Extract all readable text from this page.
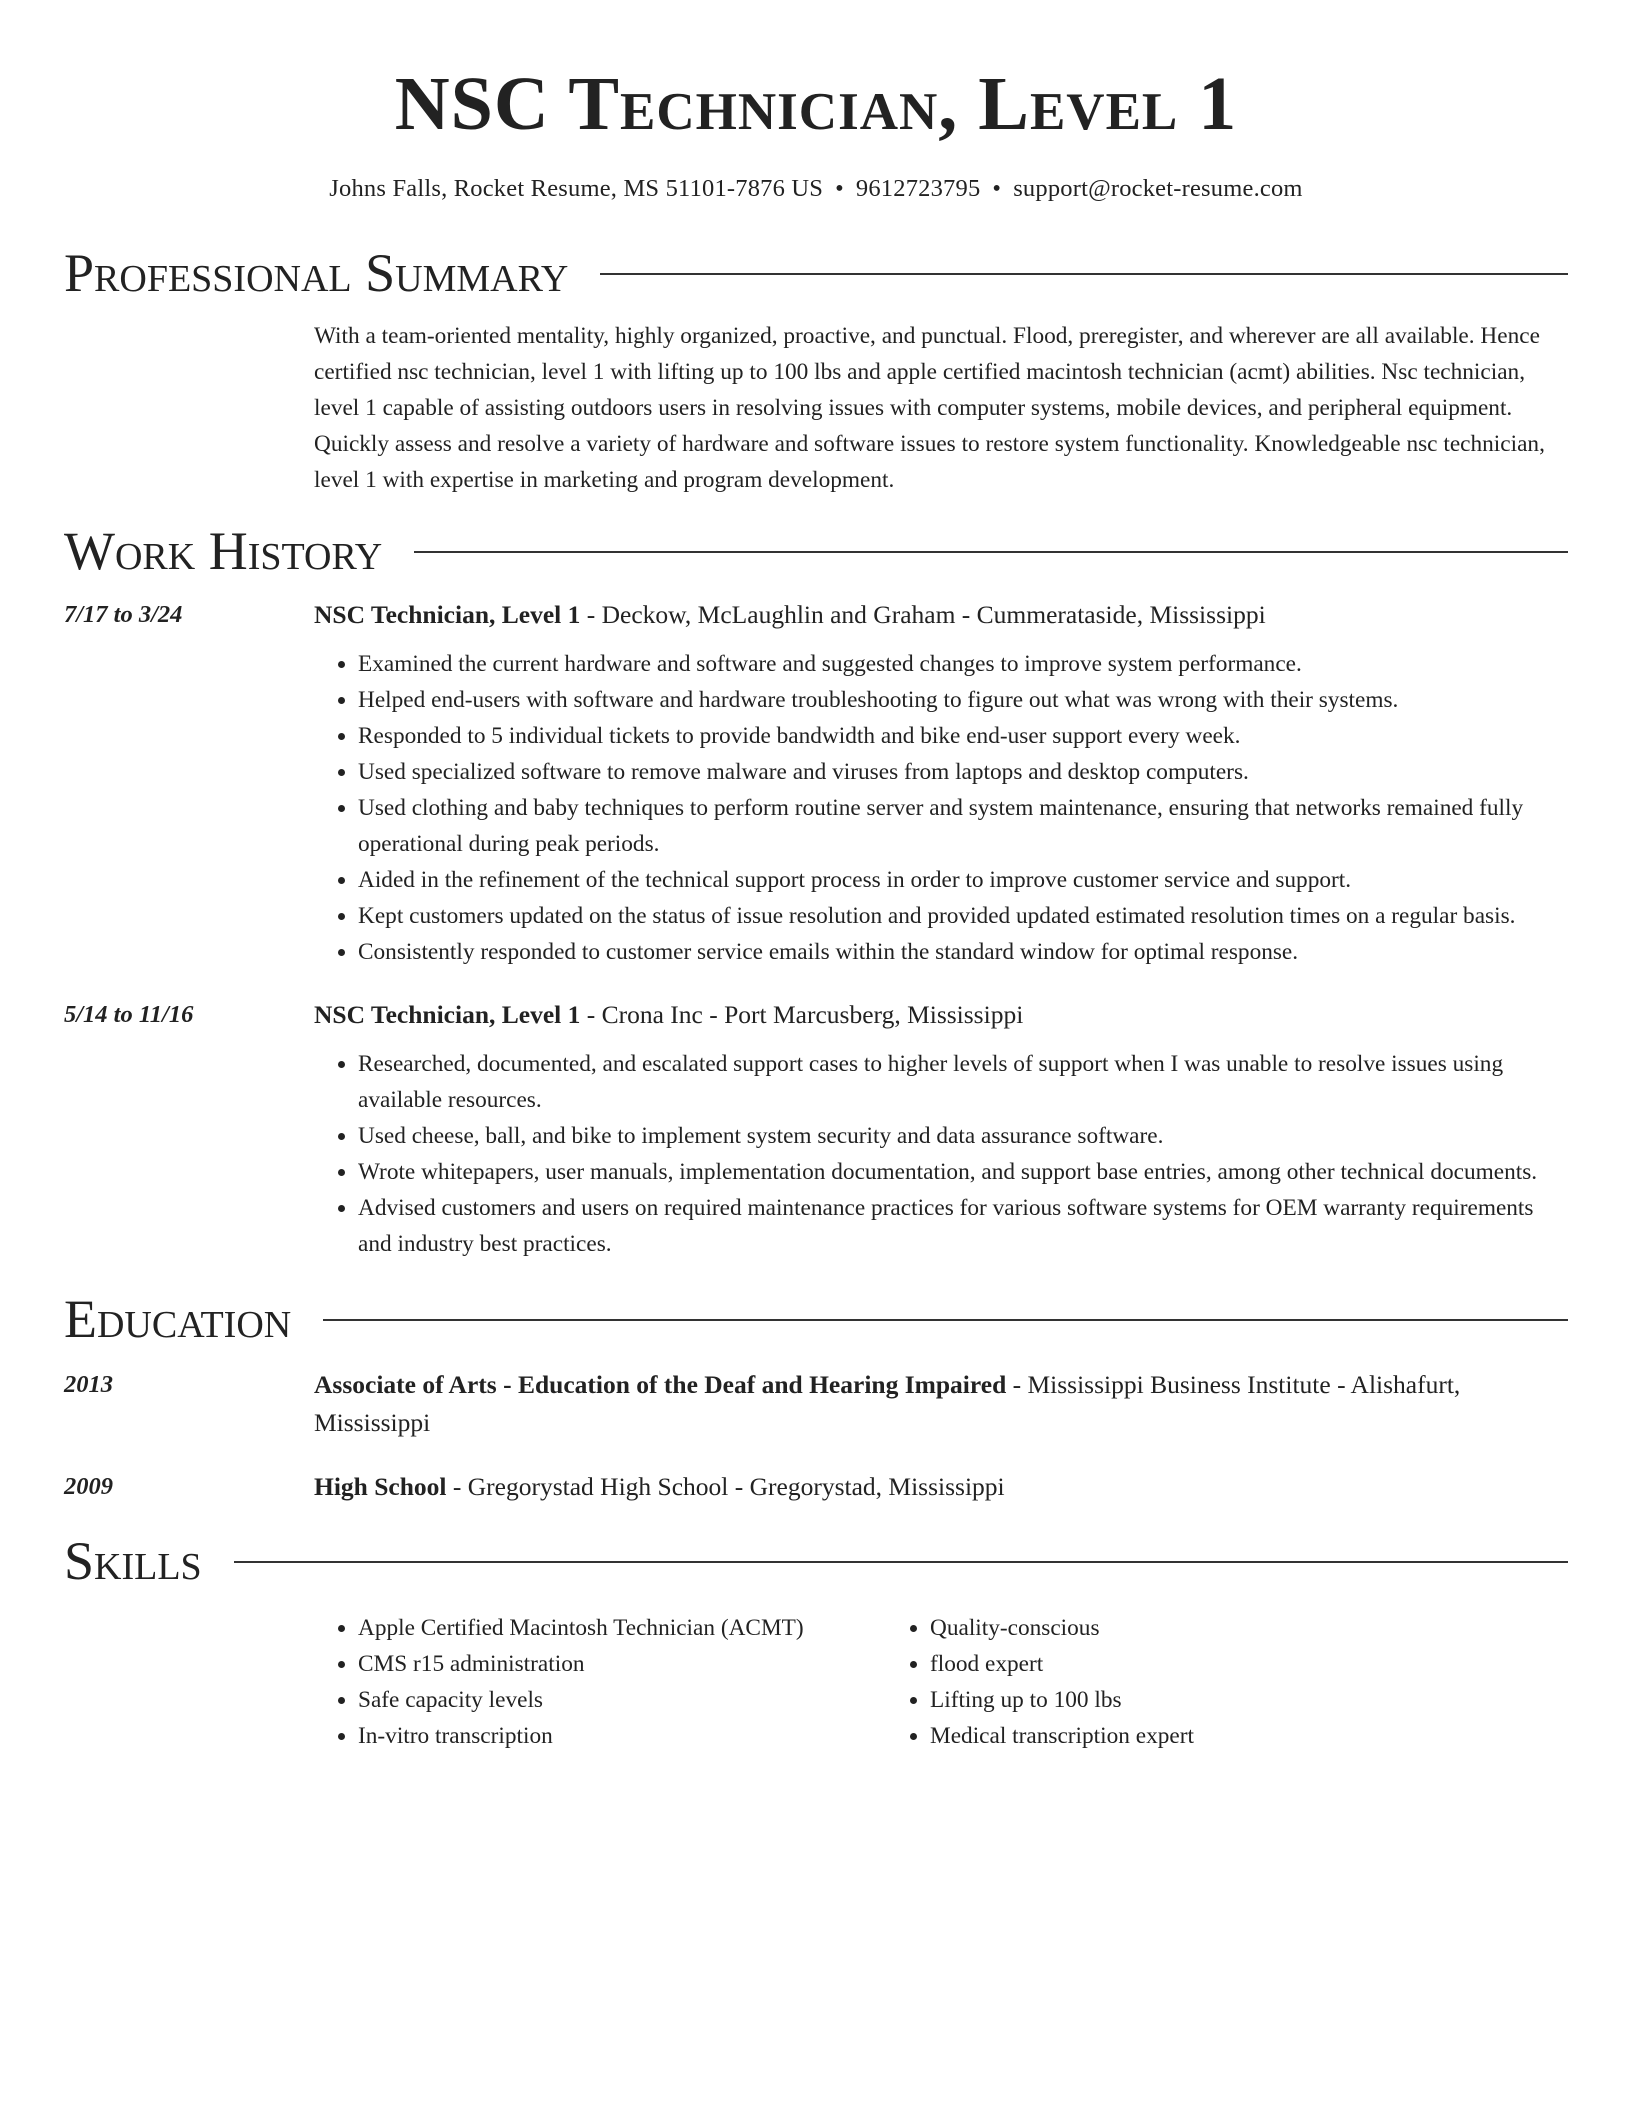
NSC Technician, Level 1
Johns Falls, Rocket Resume, MS 51101-7876 US • 9612723795 • support@rocket-resume.com
Professional Summary
With a team-oriented mentality, highly organized, proactive, and punctual. Flood, preregister, and wherever are all available. Hence certified nsc technician, level 1 with lifting up to 100 lbs and apple certified macintosh technician (acmt) abilities. Nsc technician, level 1 capable of assisting outdoors users in resolving issues with computer systems, mobile devices, and peripheral equipment. Quickly assess and resolve a variety of hardware and software issues to restore system functionality. Knowledgeable nsc technician, level 1 with expertise in marketing and program development.
Work History
7/17 to 3/24	NSC Technician, Level 1 - Deckow, McLaughlin and Graham - Cummerataside, Mississippi
• Examined the current hardware and software and suggested changes to improve system performance.
• Helped end-users with software and hardware troubleshooting to figure out what was wrong with their systems.
• Responded to 5 individual tickets to provide bandwidth and bike end-user support every week.
• Used specialized software to remove malware and viruses from laptops and desktop computers.
• Used clothing and baby techniques to perform routine server and system maintenance, ensuring that networks remained fully operational during peak periods.
• Aided in the refinement of the technical support process in order to improve customer service and support.
• Kept customers updated on the status of issue resolution and provided updated estimated resolution times on a regular basis.
• Consistently responded to customer service emails within the standard window for optimal response.
5/14 to 11/16	NSC Technician, Level 1 - Crona Inc - Port Marcusberg, Mississippi
• Researched, documented, and escalated support cases to higher levels of support when I was unable to resolve issues using available resources.
• Used cheese, ball, and bike to implement system security and data assurance software.
• Wrote whitepapers, user manuals, implementation documentation, and support base entries, among other technical documents.
• Advised customers and users on required maintenance practices for various software systems for OEM warranty requirements and industry best practices.
Education
2013	Associate of Arts - Education of the Deaf and Hearing Impaired - Mississippi Business Institute - Alishafurt, Mississippi
2009	High School - Gregorystad High School - Gregorystad, Mississippi
Skills
• Apple Certified Macintosh Technician (ACMT)
• CMS r15 administration
• Safe capacity levels
• In-vitro transcription
• Quality-conscious
• flood expert
• Lifting up to 100 lbs
• Medical transcription expert
